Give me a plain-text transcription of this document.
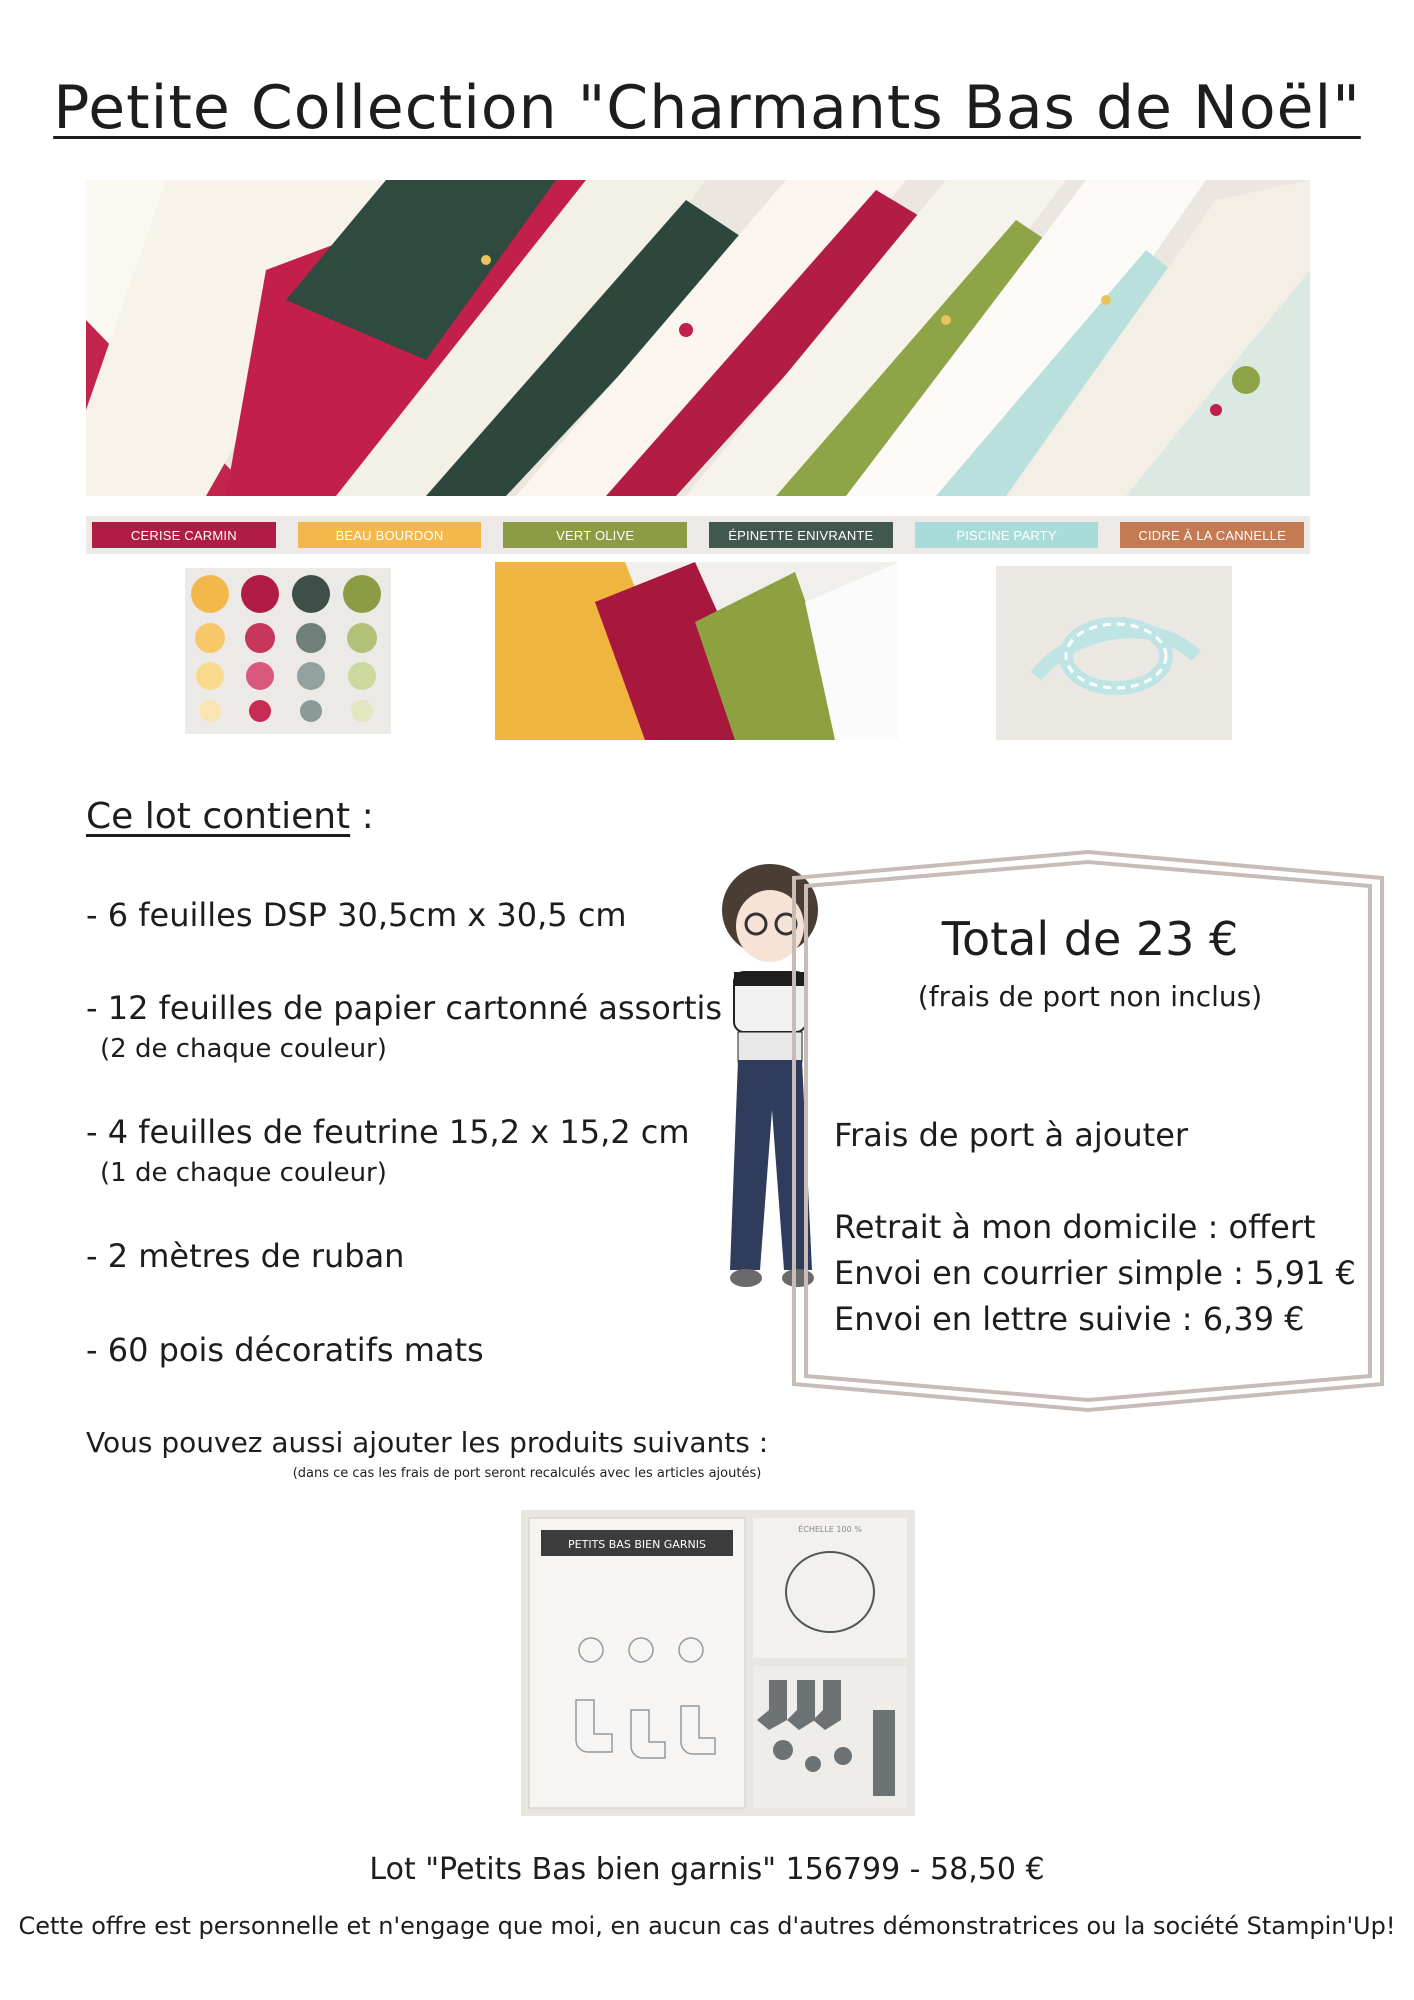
Petite Collection "Charmants Bas de Noël"
CERISE CARMIN	BEAU BOURDON	VERT OLIVE	ÉPINETTE ENIVRANTE	PISCINE PARTY	CIDRE À LA CANNELLE
Ce lot contient :
- 6 feuilles DSP 30,5cm x 30,5 cm
- 12 feuilles de papier cartonné assortis
(2 de chaque couleur)
- 4 feuilles de feutrine 15,2 x 15,2 cm
(1 de chaque couleur)
- 2 mètres de ruban
- 60 pois décoratifs mats
Total de 23 €
(frais de port non inclus)
Frais de port à ajouter
Retrait à mon domicile : offert
Envoi en courrier simple : 5,91 €
Envoi en lettre suivie : 6,39 €
Vous pouvez aussi ajouter les produits suivants :
(dans ce cas les frais de port seront recalculés avec les articles ajoutés)
PETITS BAS BIEN GARNIS
ÉCHELLE 100 %
Lot "Petits Bas bien garnis" 156799 - 58,50 €
Cette offre est personnelle et n'engage que moi, en aucun cas d'autres démonstratrices ou la société Stampin'Up!
